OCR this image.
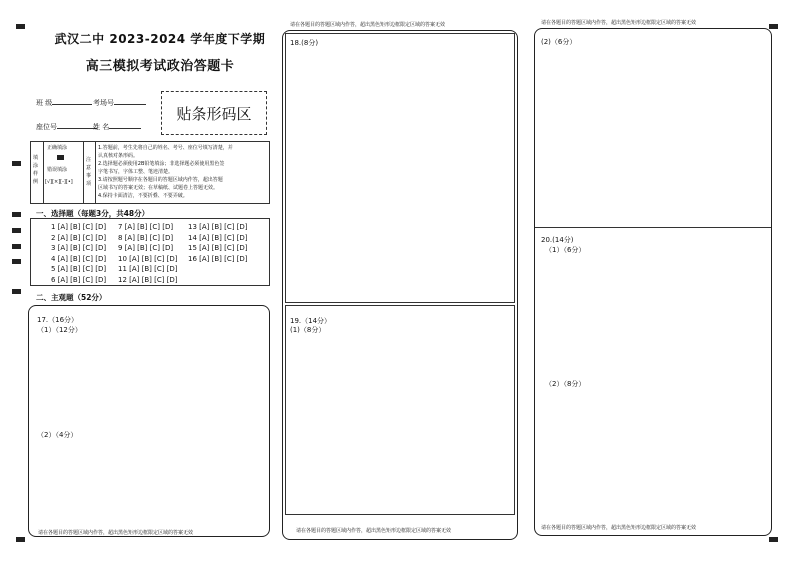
武汉二中 2023-2024 学年度下学期
高三模拟考试政治答题卡
班 级	考场号
座位号	姓 名
贴条形码区
填涂样例
正确填涂
错误填涂
[√][×][-][•]
注意事项
1.答题前，考生先将自己的姓名、考号、座位号填写清楚，并
认真核对条形码。
2.选择题必须使用2B铅笔填涂；非选择题必须使用黑色签
字笔书写，字体工整、笔迹清楚。
3.请按照题号顺序在各题目的答题区域内作答，超出答题
区域书写的答案无效；在草稿纸、试题卷上答题无效。
4.保持卡面清洁，不要折叠、不要弄破。
一、选择题（每题3分，共48分）
1 [A] [B] [C] [D] 7 [A] [B] [C] [D] 13 [A] [B] [C] [D]
2 [A] [B] [C] [D] 8 [A] [B] [C] [D] 14 [A] [B] [C] [D]
3 [A] [B] [C] [D] 9 [A] [B] [C] [D] 15 [A] [B] [C] [D]
4 [A] [B] [C] [D] 10 [A] [B] [C] [D] 16 [A] [B] [C] [D]
5 [A] [B] [C] [D] 11 [A] [B] [C] [D]
6 [A] [B] [C] [D] 12 [A] [B] [C] [D]
二、主观题（52分）
17.（16分）
（1）（12分）
（2）（4分）
请在各题目的答题区域内作答，超出黑色矩形边框限定区域的答案无效
请在各题目的答题区域内作答，超出黑色矩形边框限定区域的答案无效
18.(8分)
19.（14分）
(1)（8分）
请在各题目的答题区域内作答，超出黑色矩形边框限定区域的答案无效
请在各题目的答题区域内作答，超出黑色矩形边框限定区域的答案无效
(2)（6分）
20.(14分)
（1）（6分）
（2）（8分）
请在各题目的答题区域内作答，超出黑色矩形边框限定区域的答案无效
